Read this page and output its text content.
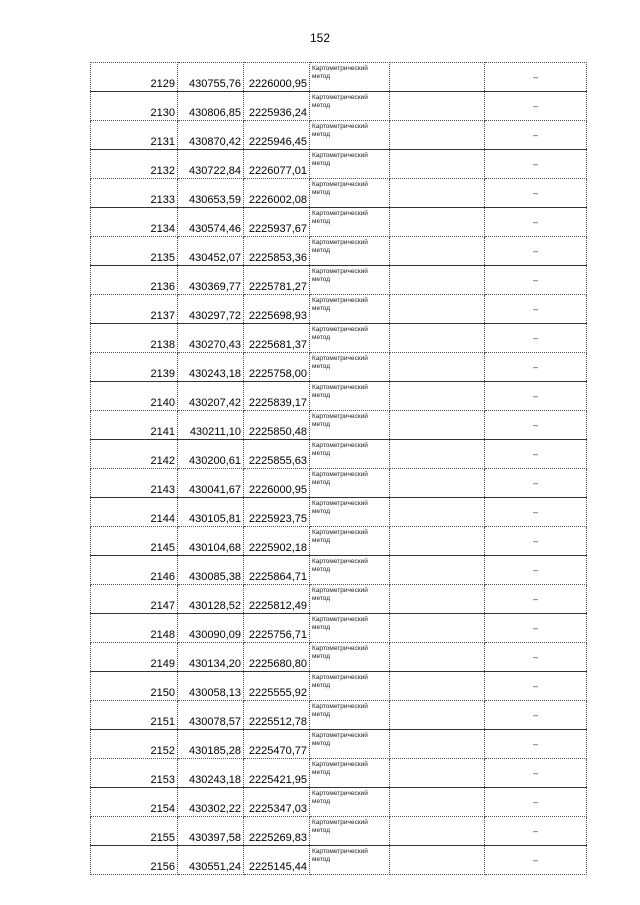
152
2129	430755,76	2226000,95	Картометрический
метод		–
2130	430806,85	2225936,24	Картометрический
метод		–
2131	430870,42	2225946,45	Картометрический
метод		–
2132	430722,84	2226077,01	Картометрический
метод		–
2133	430653,59	2226002,08	Картометрический
метод		–
2134	430574,46	2225937,67	Картометрический
метод		–
2135	430452,07	2225853,36	Картометрический
метод		–
2136	430369,77	2225781,27	Картометрический
метод		–
2137	430297,72	2225698,93	Картометрический
метод		–
2138	430270,43	2225681,37	Картометрический
метод		–
2139	430243,18	2225758,00	Картометрический
метод		–
2140	430207,42	2225839,17	Картометрический
метод		–
2141	430211,10	2225850,48	Картометрический
метод		–
2142	430200,61	2225855,63	Картометрический
метод		–
2143	430041,67	2226000,95	Картометрический
метод		–
2144	430105,81	2225923,75	Картометрический
метод		–
2145	430104,68	2225902,18	Картометрический
метод		–
2146	430085,38	2225864,71	Картометрический
метод		–
2147	430128,52	2225812,49	Картометрический
метод		–
2148	430090,09	2225756,71	Картометрический
метод		–
2149	430134,20	2225680,80	Картометрический
метод		–
2150	430058,13	2225555,92	Картометрический
метод		–
2151	430078,57	2225512,78	Картометрический
метод		–
2152	430185,28	2225470,77	Картометрический
метод		–
2153	430243,18	2225421,95	Картометрический
метод		–
2154	430302,22	2225347,03	Картометрический
метод		–
2155	430397,58	2225269,83	Картометрический
метод		–
2156	430551,24	2225145,44	Картометрический
метод		–
